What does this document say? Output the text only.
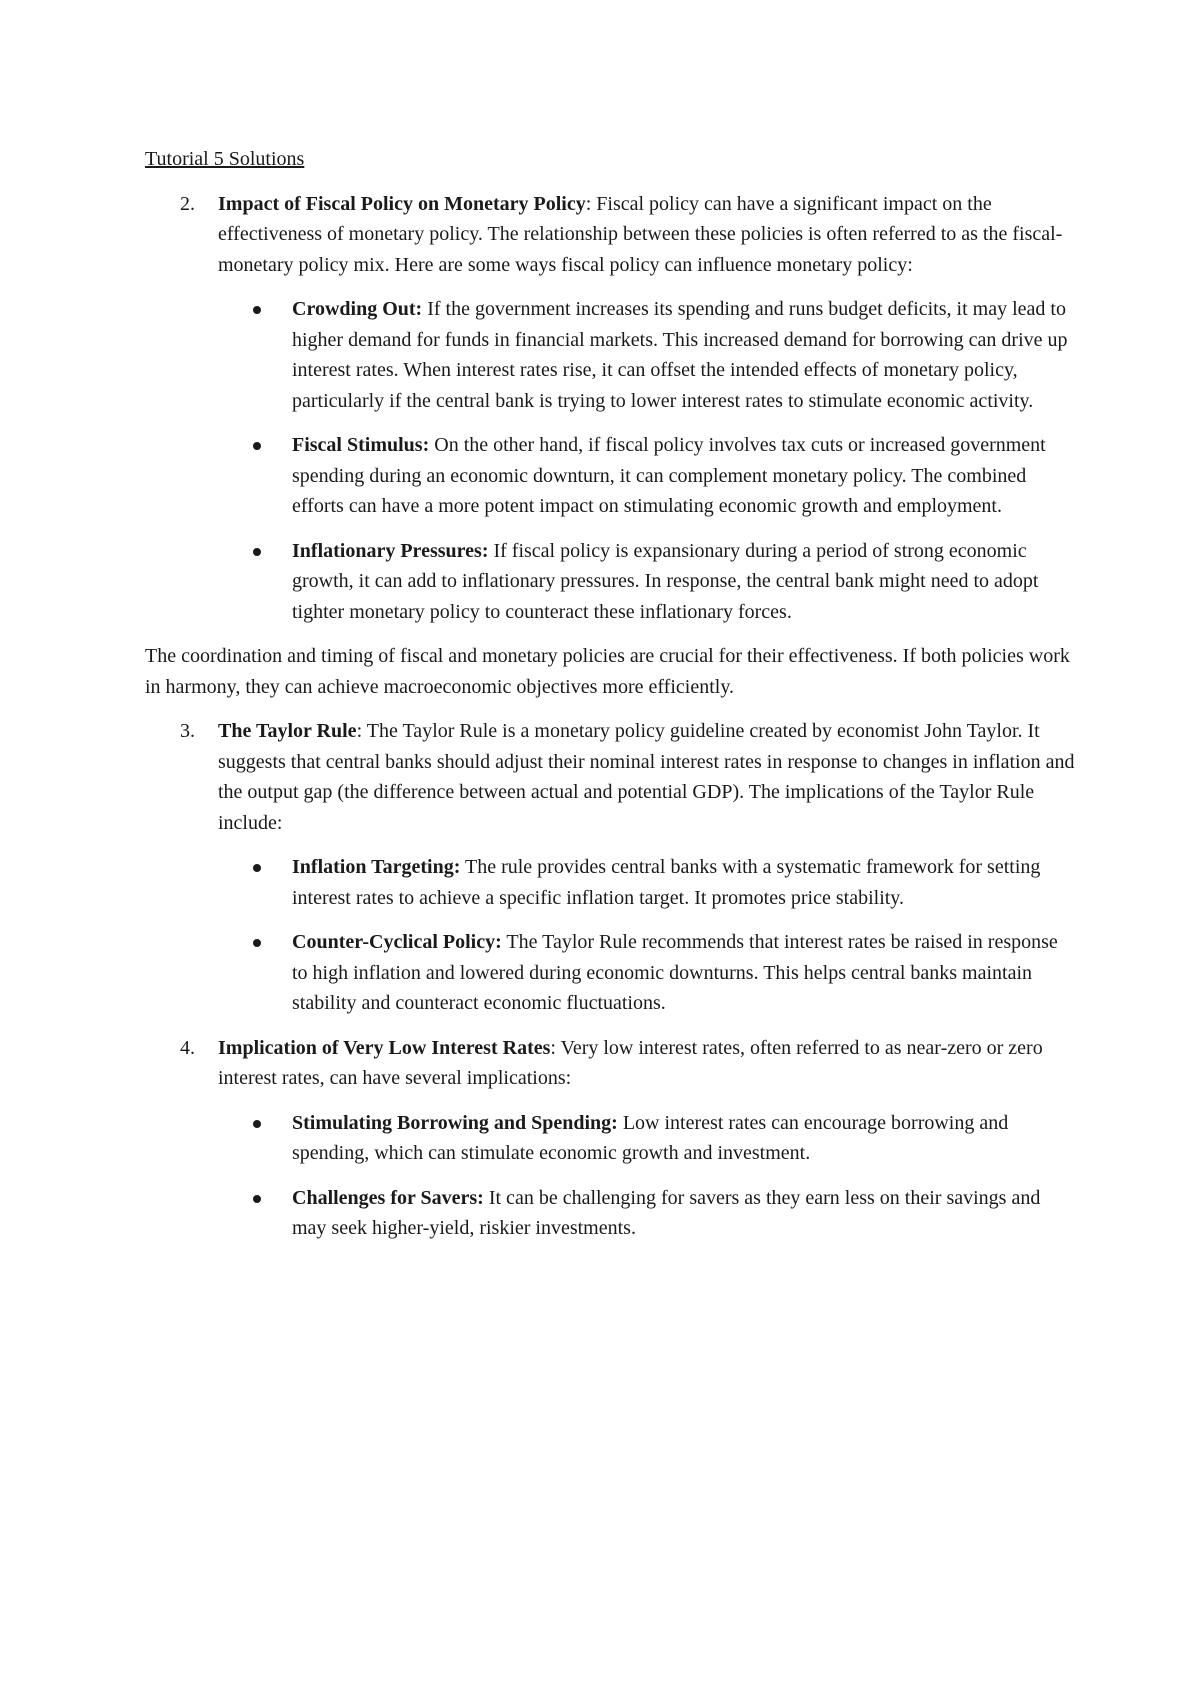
Tutorial 5 Solutions
2. Impact of Fiscal Policy on Monetary Policy: Fiscal policy can have a significant impact on the effectiveness of monetary policy. The relationship between these policies is often referred to as the fiscal-monetary policy mix. Here are some ways fiscal policy can influence monetary policy:
Crowding Out: If the government increases its spending and runs budget deficits, it may lead to higher demand for funds in financial markets. This increased demand for borrowing can drive up interest rates. When interest rates rise, it can offset the intended effects of monetary policy, particularly if the central bank is trying to lower interest rates to stimulate economic activity.
Fiscal Stimulus: On the other hand, if fiscal policy involves tax cuts or increased government spending during an economic downturn, it can complement monetary policy. The combined efforts can have a more potent impact on stimulating economic growth and employment.
Inflationary Pressures: If fiscal policy is expansionary during a period of strong economic growth, it can add to inflationary pressures. In response, the central bank might need to adopt tighter monetary policy to counteract these inflationary forces.

The coordination and timing of fiscal and monetary policies are crucial for their effectiveness. If both policies work in harmony, they can achieve macroeconomic objectives more efficiently.

3. The Taylor Rule: The Taylor Rule is a monetary policy guideline created by economist John Taylor. It suggests that central banks should adjust their nominal interest rates in response to changes in inflation and the output gap (the difference between actual and potential GDP). The implications of the Taylor Rule include:
Inflation Targeting: The rule provides central banks with a systematic framework for setting interest rates to achieve a specific inflation target. It promotes price stability.
Counter-Cyclical Policy: The Taylor Rule recommends that interest rates be raised in response to high inflation and lowered during economic downturns. This helps central banks maintain stability and counteract economic fluctuations.
4. Implication of Very Low Interest Rates: Very low interest rates, often referred to as near-zero or zero interest rates, can have several implications:
Stimulating Borrowing and Spending: Low interest rates can encourage borrowing and spending, which can stimulate economic growth and investment.
Challenges for Savers: It can be challenging for savers as they earn less on their savings and may seek higher-yield, riskier investments.
